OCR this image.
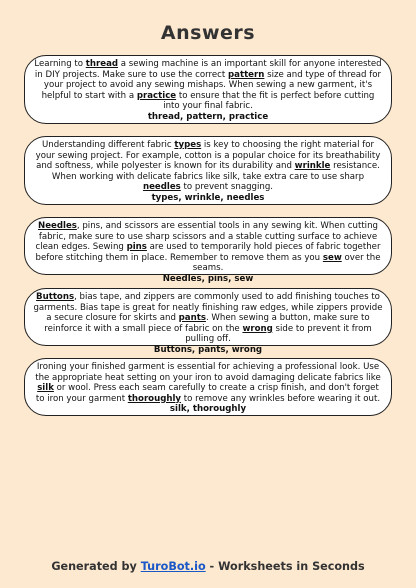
Answers
Learning to thread a sewing machine is an important skill for anyone interested in DIY projects. Make sure to use the correct pattern size and type of thread for your project to avoid any sewing mishaps. When sewing a new garment, it's helpful to start with a practice to ensure that the fit is perfect before cutting into your final fabric.
thread, pattern, practice
Understanding different fabric types is key to choosing the right material for your sewing project. For example, cotton is a popular choice for its breathability and softness, while polyester is known for its durability and wrinkle resistance. When working with delicate fabrics like silk, take extra care to use sharp needles to prevent snagging.
types, wrinkle, needles
Needles, pins, and scissors are essential tools in any sewing kit. When cutting fabric, make sure to use sharp scissors and a stable cutting surface to achieve clean edges. Sewing pins are used to temporarily hold pieces of fabric together before stitching them in place. Remember to remove them as you sew over the seams.
Needles, pins, sew
Buttons, bias tape, and zippers are commonly used to add finishing touches to garments. Bias tape is great for neatly finishing raw edges, while zippers provide a secure closure for skirts and pants. When sewing a button, make sure to reinforce it with a small piece of fabric on the wrong side to prevent it from pulling off.
Buttons, pants, wrong
Ironing your finished garment is essential for achieving a professional look. Use the appropriate heat setting on your iron to avoid damaging delicate fabrics like silk or wool. Press each seam carefully to create a crisp finish, and don't forget to iron your garment thoroughly to remove any wrinkles before wearing it out.
silk, thoroughly
Generated by TuroBot.io - Worksheets in Seconds
